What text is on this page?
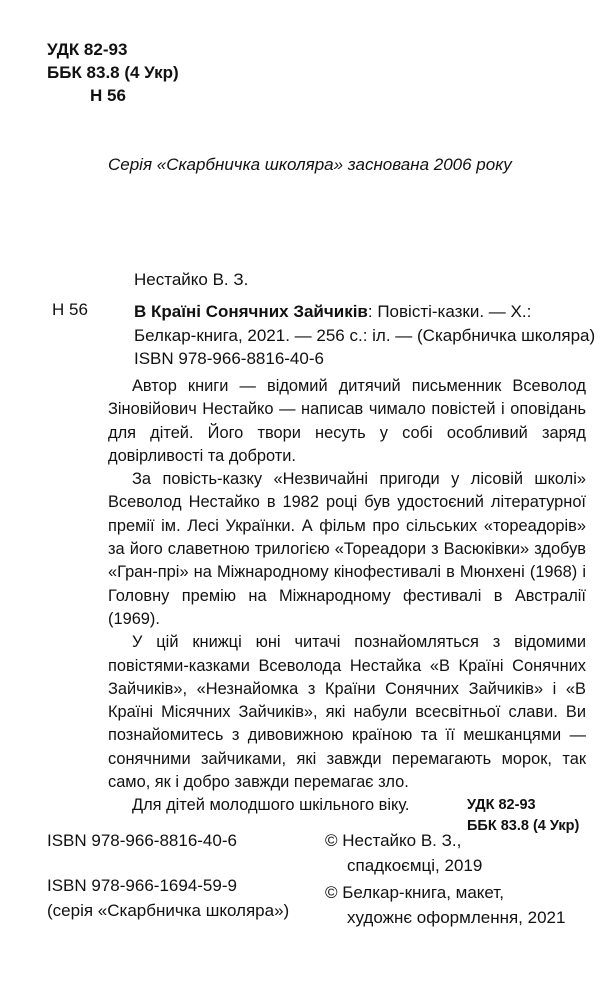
УДК 82-93
ББК 83.8 (4 Укр)
Н 56
Серія «Скарбничка школяра» заснована 2006 року
Нестайко В. З.
Н 56	В Країні Сонячних Зайчиків: Повісті-казки. — Х.:
Белкар-книга, 2021. — 256 с.: іл. — (Скарбничка школяра)
ISBN 978-966-8816-40-6

Автор книги — відомий дитячий письменник Всеволод Зіновійович Нестайко — написав чимало повістей і оповідань для дітей. Його твори несуть у собі особливий заряд довірливості та доброти.

За повість-казку «Незвичайні пригоди у лісовій школі» Всеволод Нестайко в 1982 році був удостоєний літературної премії ім. Лесі Українки. А фільм про сільських «тореадорів» за його славетною трилогією «Тореадори з Васюківки» здобув «Гран-прі» на Міжнародному кінофестивалі в Мюнхені (1968) і Головну премію на Міжнародному фестивалі в Австралії (1969).

У цій книжці юні читачі познайомляться з відомими повістями-казками Всеволода Нестайка «В Країні Сонячних Зайчиків», «Незнайомка з Країни Сонячних Зайчиків» і «В Країні Місячних Зайчиків», які набули всесвітньої слави. Ви познайомитесь з дивовижною країною та її мешканцями — сонячними зайчиками, які завжди перемагають морок, так само, як і добро завжди перемагає зло.

Для дітей молодшого шкільного віку.	УДК 82-93
ББК 83.8 (4 Укр)
ISBN 978-966-8816-40-6
ISBN 978-966-1694-59-9
(серія «Скарбничка школяра»)
© Нестайко В. З.,
спадкоємці, 2019
© Белкар-книга, макет,
художнє оформлення, 2021
